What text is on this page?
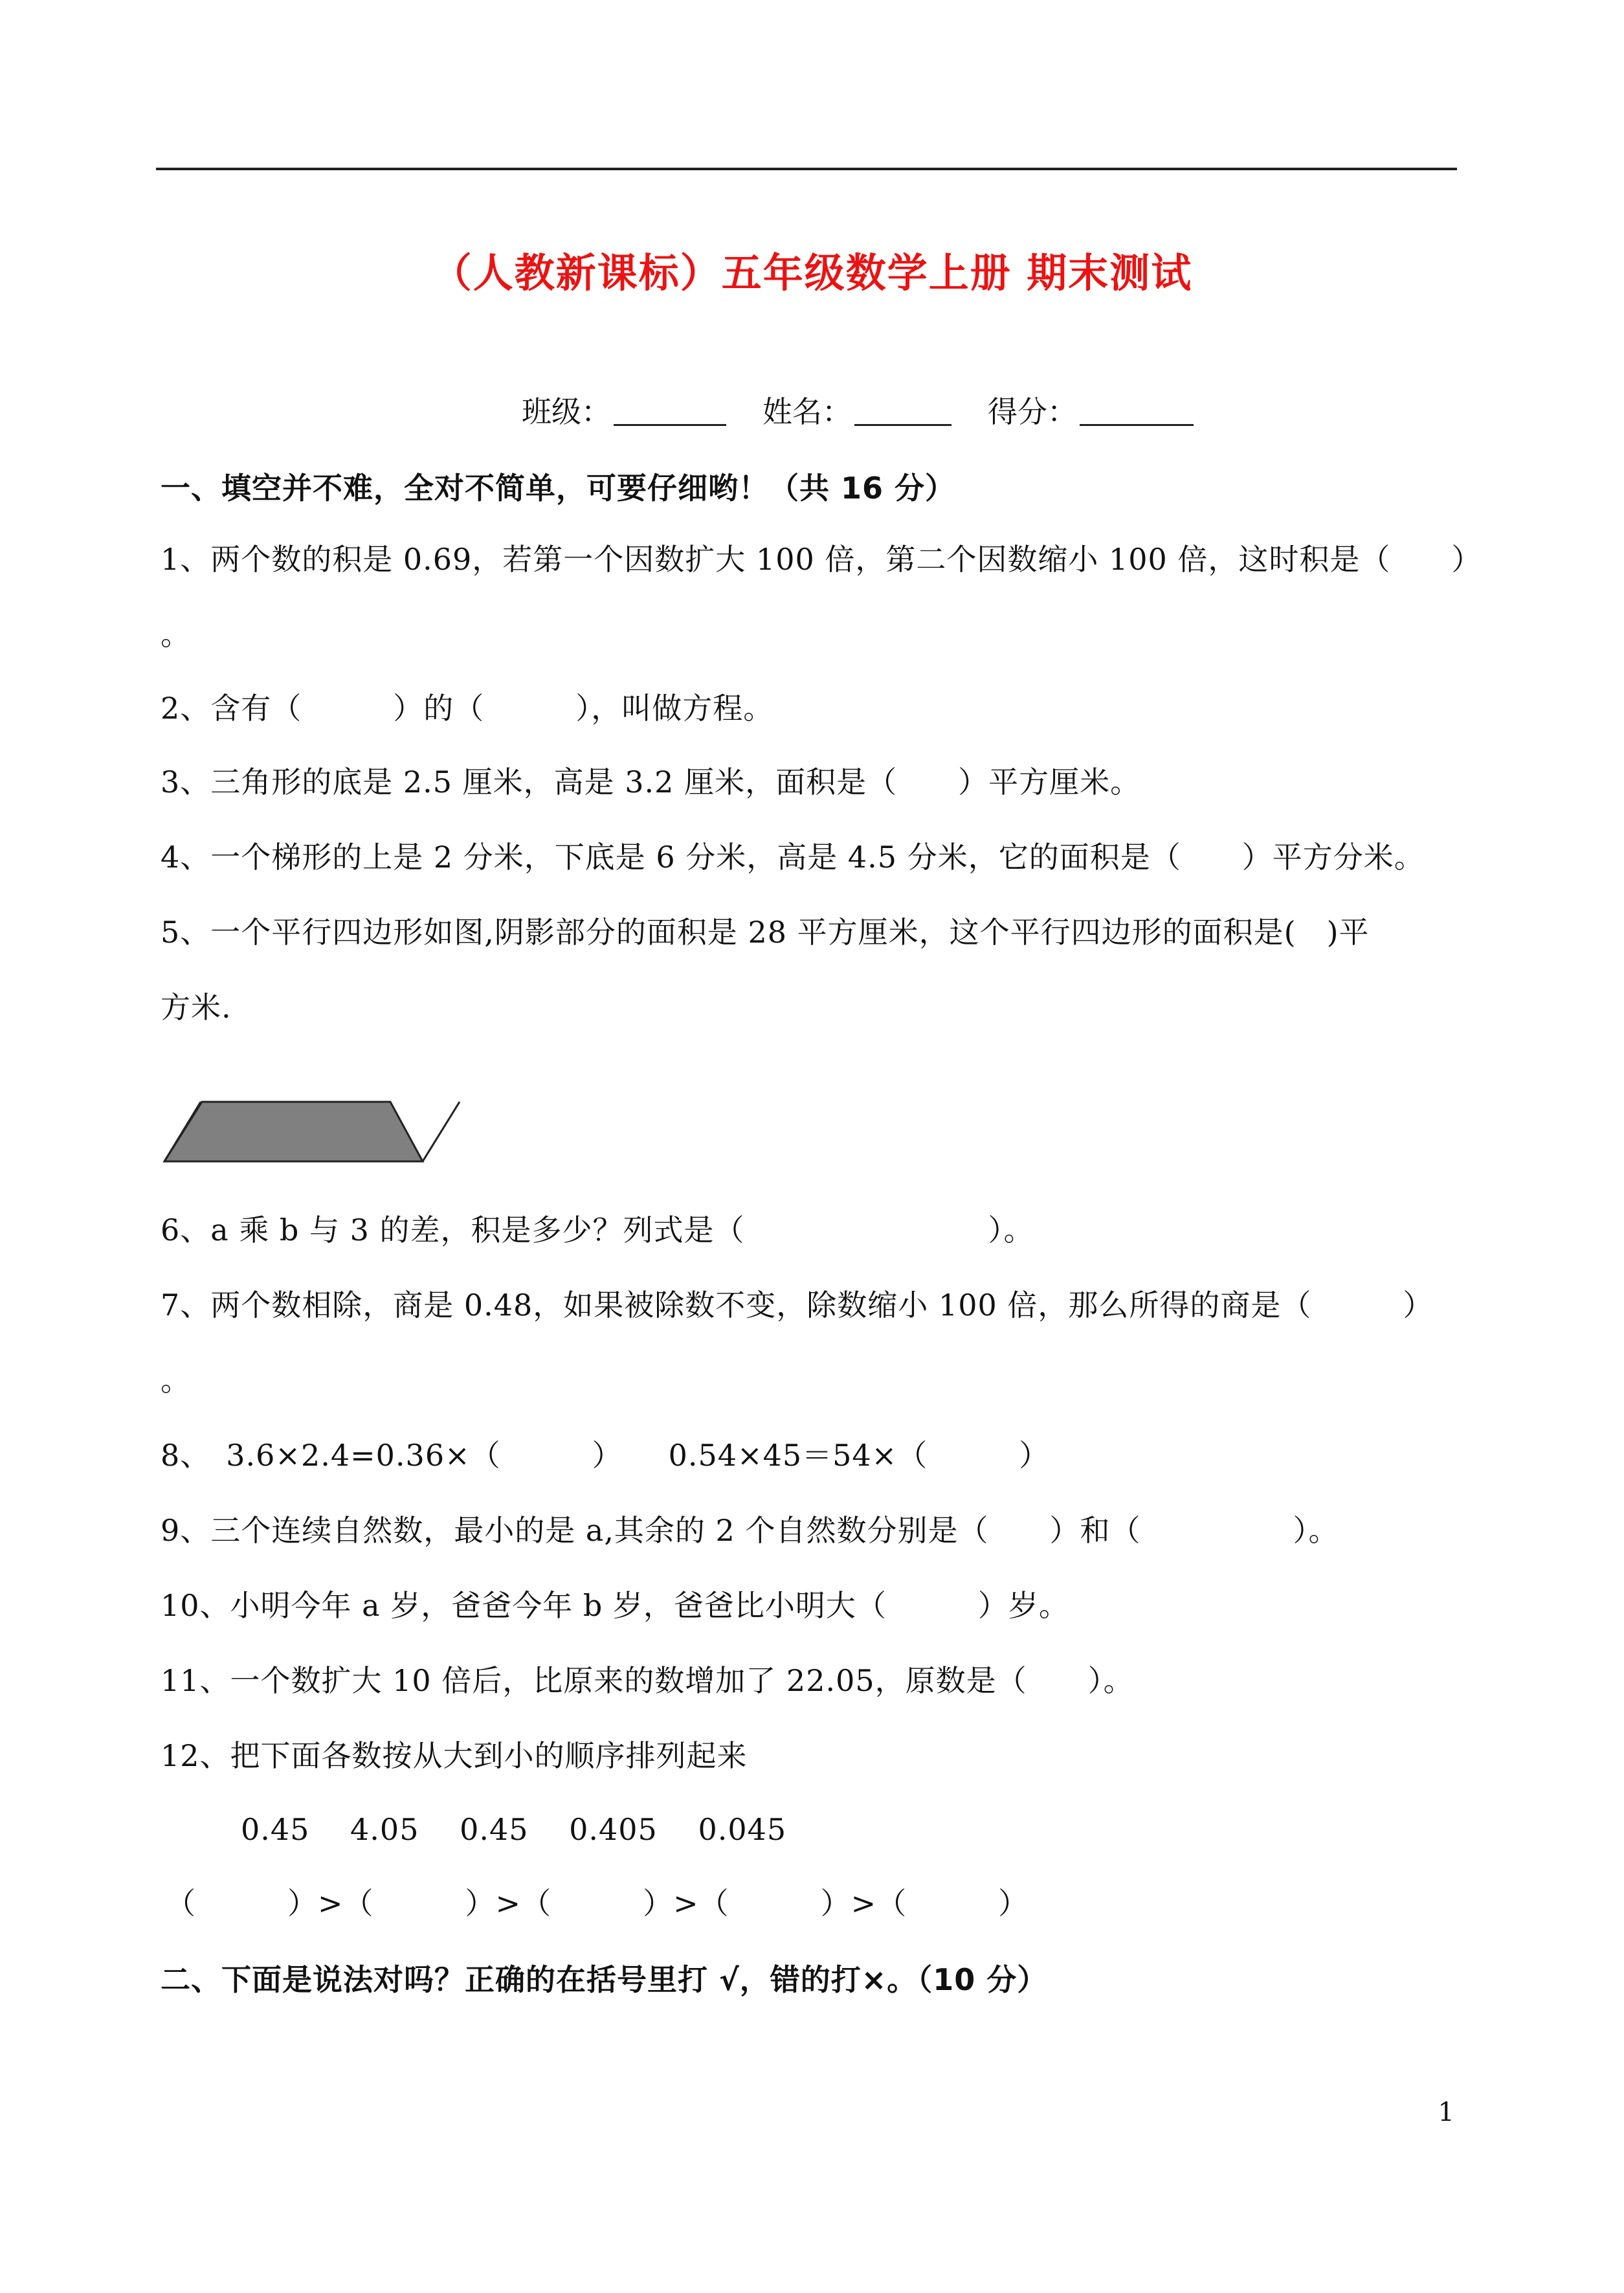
（人教新课标）五年级数学上册 期末测试
班级：	姓名：	得分：
一、填空并不难，全对不简单，可要仔细哟！（共 16 分）
1、两个数的积是 0.69，若第一个因数扩大 100 倍，第二个因数缩小 100 倍，这时积是（　　）
。
2、含有（　　　）的（　　　），叫做方程。
3、三角形的底是 2.5 厘米，高是 3.2 厘米，面积是（　　）平方厘米。
4、一个梯形的上是 2 分米，下底是 6 分米，高是 4.5 分米，它的面积是（　　）平方分米。
5、一个平行四边形如图,阴影部分的面积是 28 平方厘米，这个平行四边形的面积是(　)平
方米.
6、a 乘 b 与 3 的差，积是多少？列式是（　　　　　　　　）。
7、两个数相除，商是 0.48，如果被除数不变，除数缩小 100 倍，那么所得的商是（　　　）
。
8、　3.6×2.4=0.36×（　　　）　　0.54×45＝54×（　　　）
9、三个连续自然数，最小的是 a,其余的 2 个自然数分别是（　　）和（　　　　　）。
10、小明今年 a 岁，爸爸今年 b 岁，爸爸比小明大（　　　）岁。
11、一个数扩大 10 倍后，比原来的数增加了 22.05，原数是（　　）。
12、把下面各数按从大到小的顺序排列起来
0.45　 4.05　 0.45　 0.405　 0.045
（　　　）>（　　　）>（　　　）>（　　　）>（　　　）
二、下面是说法对吗？正确的在括号里打 √，错的打×。（10 分）
1
